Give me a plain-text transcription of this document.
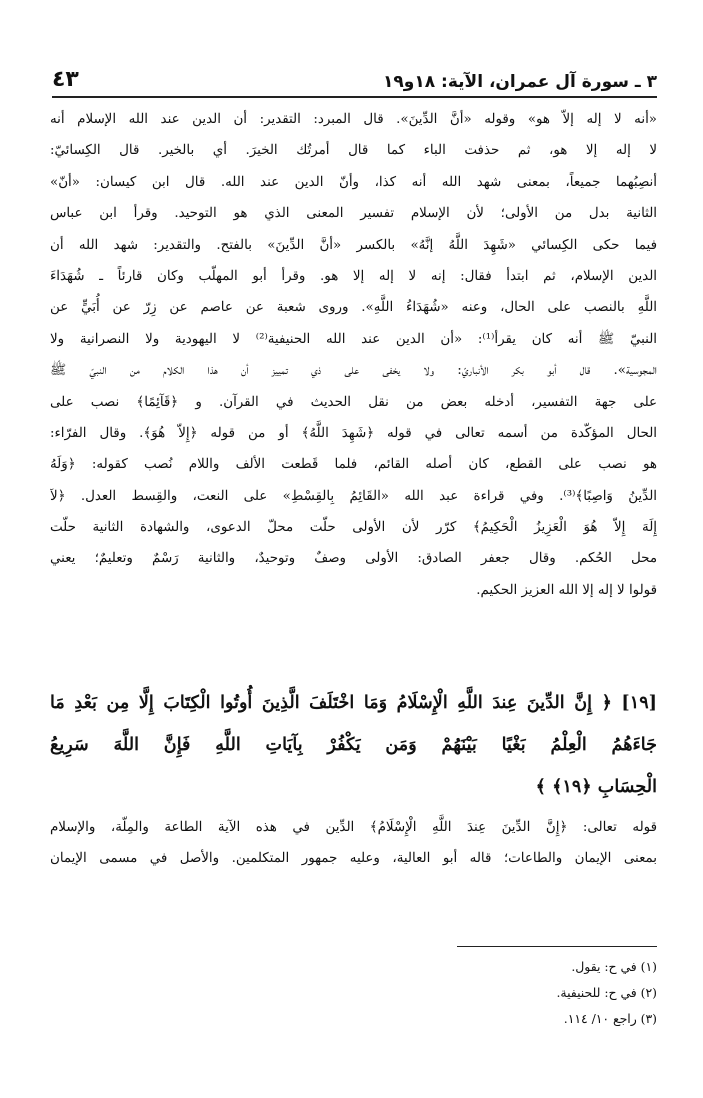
٤٣	٣ ـ سورة آل عمران، الآية: ١٨و١٩
«أنه لا إله إلاّ هو» وقوله «أنَّ الدِّينَ». قال المبرد: التقدير: أن الدين عند الله الإسلام أنه
لا إله إلا هو، ثم حذفت الباء كما قال أمرتُك الخيرَ. أي بالخير. قال الكِسائيّ:
أنصِبُهما جميعاً، بمعنى شهد الله أنه كذا، وأنّ الدين عند الله. قال ابن كيسان: «أنّ»
الثانية بدل من الأولى؛ لأن الإسلام تفسير المعنى الذي هو التوحيد. وقرأ ابن عباس
فيما حكى الكِسائي «شَهِدَ اللَّهُ إنَّهُ» بالكسر «أنَّ الدِّينَ» بالفتح. والتقدير: شهد الله أن
الدين الإسلام، ثم ابتدأ فقال: إنه لا إله إلا هو. وقرأ أبو المهلّب وكان قارئاً ـ شُهَدَاءَ
اللَّهِ بالنصب على الحال، وعنه «شُهَدَاءُ اللَّهِ». وروى شعبة عن عاصم عن زِرّ عن أُبَيٍّ عن
النبيّ ﷺ أنه كان يقرأ⁽¹⁾: «أن الدين عند الله الحنيفية⁽²⁾ لا اليهودية ولا النصرانية ولا
المجوسية». قال أبو بكر الأنباريّ: ولا يخفى على ذي تمييز أن هذا الكلام من النبيّ ﷺ
على جهة التفسير، أدخله بعض من نقل الحديث في القرآن. و ﴿قَآئِمًا﴾ نصب على
الحال المؤكّدة من أسمه تعالى في قوله ﴿شَهِدَ اللَّهُ﴾ أو من قوله ﴿إِلاّ هُوَ﴾. وقال الفرّاء:
هو نصب على القطع، كان أصله القائم، فلما قَطعت الألف واللام نُصب كقوله: ﴿وَلَهُ
الدِّينُ وَاصِبًا﴾⁽³⁾. وفي قراءة عبد الله «القَائِمُ بِالقِسْطِ» على النعت، والقِسط العدل. ﴿لآ
إِلَهَ إِلاّ هُوَ الْعَزِيزُ الْحَكِيمُ﴾ كرّر لأن الأولى حلّت محلّ الدعوى، والشهادة الثانية حلّت
محل الحُكم. وقال جعفر الصادق: الأولى وصفٌ وتوحيدٌ، والثانية رَسْمٌ وتعليمٌ؛ يعني
قولوا لا إله إلا الله العزيز الحكيم.
[١٩] ﴿ إِنَّ الدِّينَ عِندَ اللَّهِ الْإِسْلَامُ وَمَا اخْتَلَفَ الَّذِينَ أُوتُوا الْكِتَابَ إِلَّا مِن بَعْدِ مَا
جَاءَهُمُ الْعِلْمُ بَغْيًا بَيْنَهُمْ وَمَن يَكْفُرْ بِآيَاتِ اللَّهِ فَإِنَّ اللَّهَ سَرِيعُ
الْحِسَابِ ﴿١٩﴾ ﴾
قوله تعالى: ﴿إِنَّ الدِّينَ عِندَ اللَّهِ الْإِسْلَامُ﴾ الدِّين في هذه الآية الطاعة والمِلّة، والإسلام
بمعنى الإيمان والطاعات؛ قاله أبو العالية، وعليه جمهور المتكلمين. والأصل في مسمى الإيمان
(١) في ح: يقول.
(٢) في ح: للحنيفية.
(٣) راجع ١٠/ ١١٤.
